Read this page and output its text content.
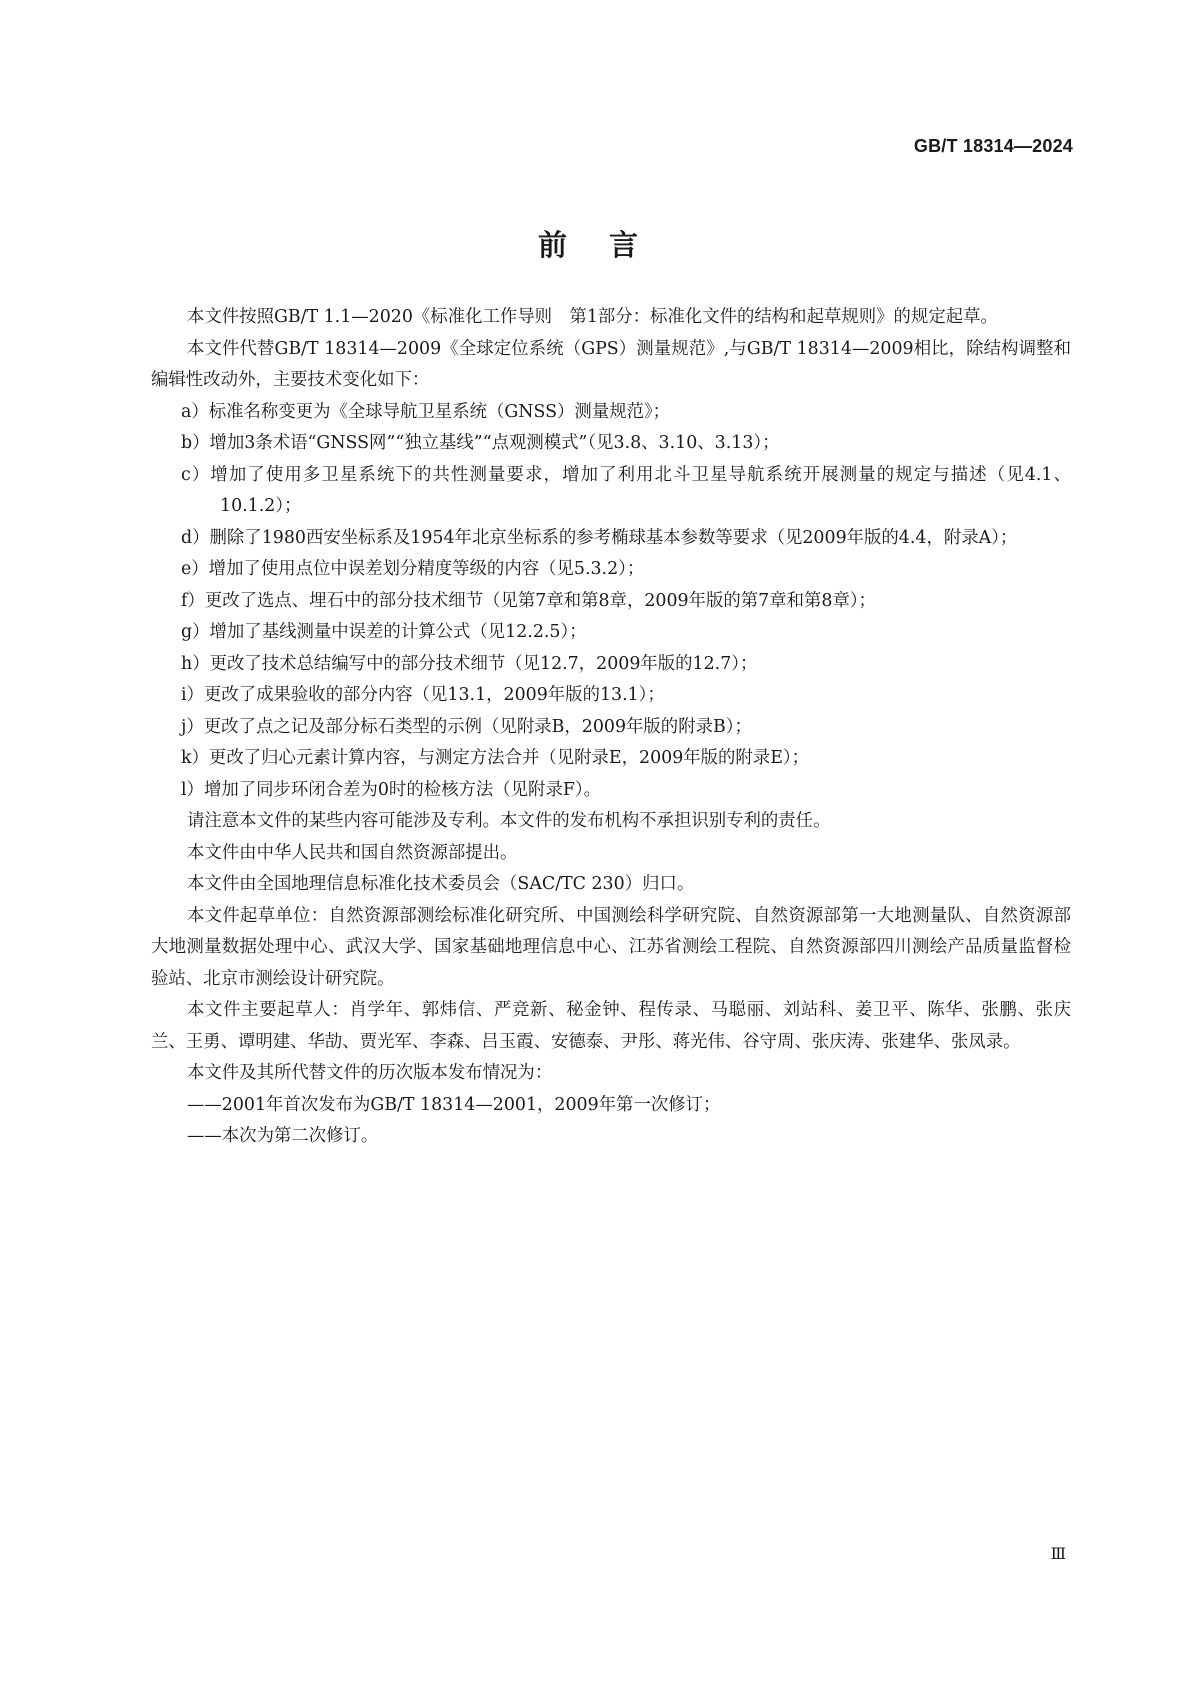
GB/T 18314—2024
前言

本文件按照GB/T 1.1—2020《标准化工作导则　第1部分：标准化文件的结构和起草规则》的规定起草。

本文件代替GB/T 18314—2009《全球定位系统（GPS）测量规范》,与GB/T 18314—2009相比，除结构调整和编辑性改动外，主要技术变化如下：

a）标准名称变更为《全球导航卫星系统（GNSS）测量规范》；

b）增加3条术语“GNSS网”“独立基线”“点观测模式”（见3.8、3.10、3.13）；

c）增加了使用多卫星系统下的共性测量要求，增加了利用北斗卫星导航系统开展测量的规定与描述（见4.1、10.1.2）；

d）删除了1980西安坐标系及1954年北京坐标系的参考椭球基本参数等要求（见2009年版的4.4，附录A）；

e）增加了使用点位中误差划分精度等级的内容（见5.3.2）；

f）更改了选点、埋石中的部分技术细节（见第7章和第8章，2009年版的第7章和第8章）；

g）增加了基线测量中误差的计算公式（见12.2.5）；

h）更改了技术总结编写中的部分技术细节（见12.7，2009年版的12.7）；

i）更改了成果验收的部分内容（见13.1，2009年版的13.1）；

j）更改了点之记及部分标石类型的示例（见附录B，2009年版的附录B）；

k）更改了归心元素计算内容，与测定方法合并（见附录E，2009年版的附录E）；

l）增加了同步环闭合差为0时的检核方法（见附录F）。

请注意本文件的某些内容可能涉及专利。本文件的发布机构不承担识别专利的责任。

本文件由中华人民共和国自然资源部提出。

本文件由全国地理信息标准化技术委员会（SAC/TC 230）归口。

本文件起草单位：自然资源部测绘标准化研究所、中国测绘科学研究院、自然资源部第一大地测量队、自然资源部大地测量数据处理中心、武汉大学、国家基础地理信息中心、江苏省测绘工程院、自然资源部四川测绘产品质量监督检验站、北京市测绘设计研究院。

本文件主要起草人：肖学年、郭炜信、严竞新、秘金钟、程传录、马聪丽、刘站科、姜卫平、陈华、张鹏、张庆兰、王勇、谭明建、华劼、贾光军、李森、吕玉霞、安德泰、尹彤、蒋光伟、谷守周、张庆涛、张建华、张凤录。

本文件及其所代替文件的历次版本发布情况为：

——2001年首次发布为GB/T 18314—2001，2009年第一次修订；

——本次为第二次修订。

Ⅲ
